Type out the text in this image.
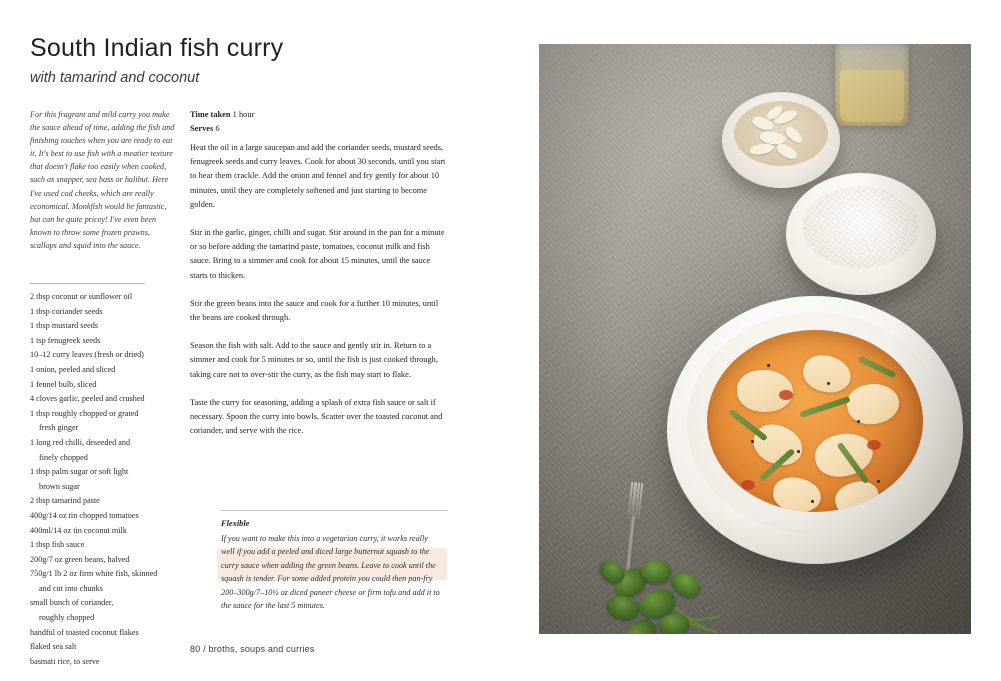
South Indian fish curry
with tamarind and coconut
For this fragrant and mild curry you make the sauce ahead of time, adding the fish and finishing touches when you are ready to eat it. It's best to use fish with a meatier texture that doesn't flake too easily when cooked, such as snapper, sea bass or halibut. Here I've used cod cheeks, which are really economical. Monkfish would be fantastic, but can be quite pricey! I've even been known to throw some frozen prawns, scallops and squid into the sauce.
2 tbsp coconut or sunflower oil
1 tbsp coriander seeds
1 tbsp mustard seeds
1 tsp fenugreek seeds
10–12 curry leaves (fresh or dried)
1 onion, peeled and sliced
1 fennel bulb, sliced
4 cloves garlic, peeled and crushed
1 tbsp roughly chopped or grated
fresh ginger
1 long red chilli, deseeded and
finely chopped
1 tbsp palm sugar or soft light
brown sugar
2 tbsp tamarind paste
400g/14 oz tin chopped tomatoes
400ml/14 oz tin coconut milk
1 tbsp fish sauce
200g/7 oz green beans, halved
750g/1 lb 2 oz firm white fish, skinned
and cut into chunks
small bunch of coriander,
roughly chopped
handful of toasted coconut flakes
flaked sea salt
basmati rice, to serve
Time taken 1 hour
Serves 6

Heat the oil in a large saucepan and add the coriander seeds, mustard seeds, fenugreek seeds and curry leaves. Cook for about 30 seconds, until you start to hear them crackle. Add the onion and fennel and fry gently for about 10 minutes, until they are completely softened and just starting to become golden.

Stir in the garlic, ginger, chilli and sugar. Stir around in the pan for a minute or so before adding the tamarind paste, tomatoes, coconut milk and fish sauce. Bring to a simmer and cook for about 15 minutes, until the sauce starts to thicken.

Stir the green beans into the sauce and cook for a further 10 minutes, until the beans are cooked through.

Season the fish with salt. Add to the sauce and gently stir in. Return to a simmer and cook for 5 minutes or so, until the fish is just cooked through, taking care not to over-stir the curry, as the fish may start to flake.

Taste the curry for seasoning, adding a splash of extra fish sauce or salt if necessary. Spoon the curry into bowls. Scatter over the toasted coconut and coriander, and serve with the rice.

Flexible
If you want to make this into a vegetarian curry, it works really well if you add a peeled and diced large butternut squash to the curry sauce when adding the green beans. Leave to cook until the squash is tender. For some added protein you could then pan-fry 200–300g/7–10½ oz diced paneer cheese or firm tofu and add it to the sauce for the last 5 minutes.
80 / broths, soups and curries
